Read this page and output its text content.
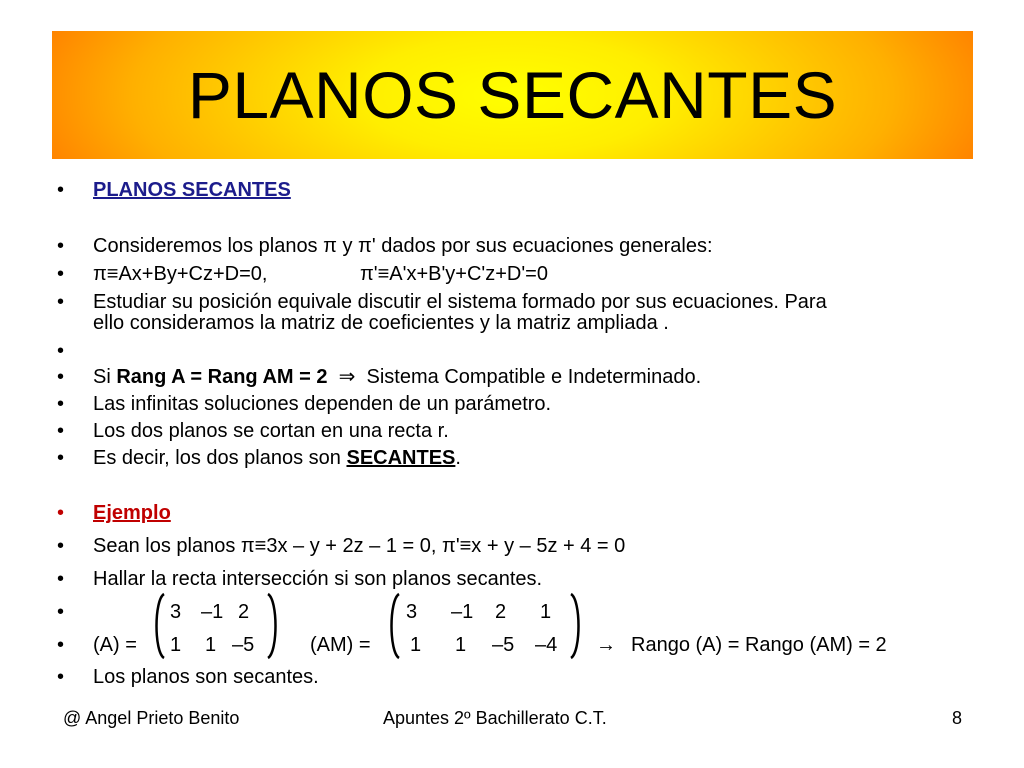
PLANOS SECANTES
• PLANOS SECANTES
• Consideremos los planos π y π' dados por sus ecuaciones generales:
• π≡Ax+By+Cz+D=0,	π'≡A'x+B'y+C'z+D'=0
• Estudiar su posición equivale discutir el sistema formado por sus ecuaciones. Para
ello consideramos la matriz de coeficientes y la matriz ampliada .
•
• Si Rang A = Rang AM = 2 ⇒ Sistema Compatible e Indeterminado.
• Las infinitas soluciones dependen de un parámetro.
• Los dos planos se cortan en una recta r.
• Es decir, los dos planos son SECANTES.
• Ejemplo
• Sean los planos π≡3x – y + 2z – 1 = 0, π'≡x + y – 5z + 4 = 0
• Hallar la recta intersección si son planos secantes.
•
• (A) =
3 –1 2
1 1 –5	(AM) =
3 –1 2 1
1 1 –5 –4 → Rango (A) = Rango (AM) = 2
• Los planos son secantes.
@ Angel Prieto Benito	Apuntes 2º Bachillerato C.T.	8
